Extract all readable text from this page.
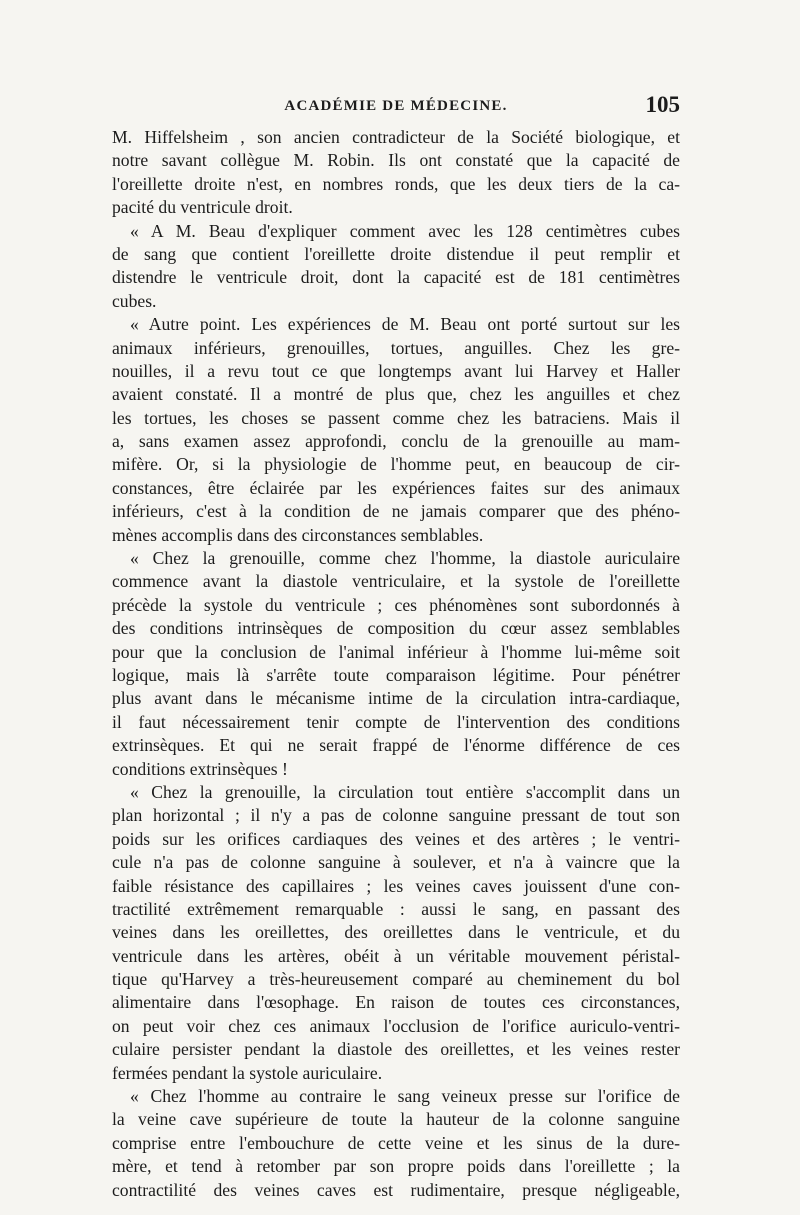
ACADÉMIE DE MÉDECINE.	105
M. Hiffelsheim , son ancien contradicteur de la Société biologique, et
notre savant collègue M. Robin. Ils ont constaté que la capacité de
l'oreillette droite n'est, en nombres ronds, que les deux tiers de la ca-
pacité du ventricule droit.
« A M. Beau d'expliquer comment avec les 128 centimètres cubes
de sang que contient l'oreillette droite distendue il peut remplir et
distendre le ventricule droit, dont la capacité est de 181 centimètres
cubes.
« Autre point. Les expériences de M. Beau ont porté surtout sur les
animaux inférieurs, grenouilles, tortues, anguilles. Chez les gre-
nouilles, il a revu tout ce que longtemps avant lui Harvey et Haller
avaient constaté. Il a montré de plus que, chez les anguilles et chez
les tortues, les choses se passent comme chez les batraciens. Mais il
a, sans examen assez approfondi, conclu de la grenouille au mam-
mifère. Or, si la physiologie de l'homme peut, en beaucoup de cir-
constances, être éclairée par les expériences faites sur des animaux
inférieurs, c'est à la condition de ne jamais comparer que des phéno-
mènes accomplis dans des circonstances semblables.
« Chez la grenouille, comme chez l'homme, la diastole auriculaire
commence avant la diastole ventriculaire, et la systole de l'oreillette
précède la systole du ventricule ; ces phénomènes sont subordonnés à
des conditions intrinsèques de composition du cœur assez semblables
pour que la conclusion de l'animal inférieur à l'homme lui-même soit
logique, mais là s'arrête toute comparaison légitime. Pour pénétrer
plus avant dans le mécanisme intime de la circulation intra-cardiaque,
il faut nécessairement tenir compte de l'intervention des conditions
extrinsèques. Et qui ne serait frappé de l'énorme différence de ces
conditions extrinsèques !
« Chez la grenouille, la circulation tout entière s'accomplit dans un
plan horizontal ; il n'y a pas de colonne sanguine pressant de tout son
poids sur les orifices cardiaques des veines et des artères ; le ventri-
cule n'a pas de colonne sanguine à soulever, et n'a à vaincre que la
faible résistance des capillaires ; les veines caves jouissent d'une con-
tractilité extrêmement remarquable : aussi le sang, en passant des
veines dans les oreillettes, des oreillettes dans le ventricule, et du
ventricule dans les artères, obéit à un véritable mouvement péristal-
tique qu'Harvey a très-heureusement comparé au cheminement du bol
alimentaire dans l'œsophage. En raison de toutes ces circonstances,
on peut voir chez ces animaux l'occlusion de l'orifice auriculo-ventri-
culaire persister pendant la diastole des oreillettes, et les veines rester
fermées pendant la systole auriculaire.
« Chez l'homme au contraire le sang veineux presse sur l'orifice de
la veine cave supérieure de toute la hauteur de la colonne sanguine
comprise entre l'embouchure de cette veine et les sinus de la dure-
mère, et tend à retomber par son propre poids dans l'oreillette ; la
contractilité des veines caves est rudimentaire, presque négligeable,
